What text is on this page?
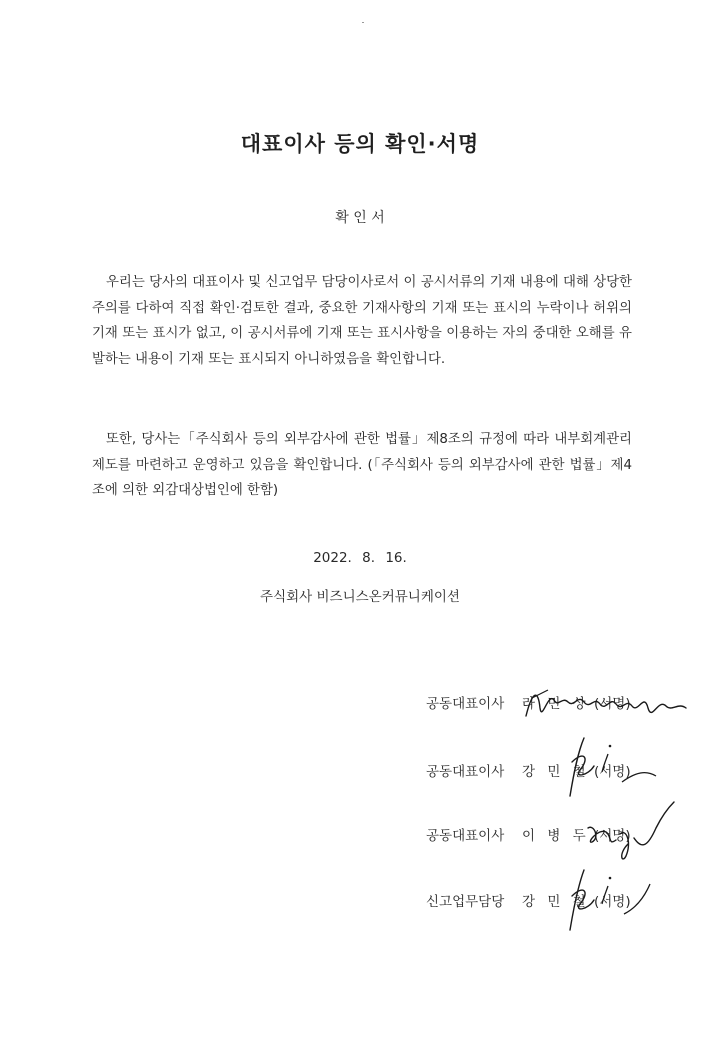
대표이사 등의 확인·서명
확 인 서
우리는 당사의 대표이사 및 신고업무 담당이사로서 이 공시서류의 기재 내용에 대해 상당한 주의를 다하여 직접 확인·검토한 결과, 중요한 기재사항의 기재 또는 표시의 누락이나 허위의 기재 또는 표시가 없고, 이 공시서류에 기재 또는 표시사항을 이용하는 자의 중대한 오해를 유발하는 내용이 기재 또는 표시되지 아니하였음을 확인합니다.
또한, 당사는「주식회사 등의 외부감사에 관한 법률」제8조의 규정에 따라 내부회계관리제도를 마련하고 운영하고 있음을 확인합니다. (「주식회사 등의 외부감사에 관한 법률」제4조에 의한 외감대상법인에 한함)
2022. 8. 16.
주식회사 비즈니스온커뮤니케이션
공동대표이사 라 민 상 (서명)
공동대표이사 강 민 철 (서명)
공동대표이사 이 병 두 (서명)
신고업무담당 강 민 철 (서명)
